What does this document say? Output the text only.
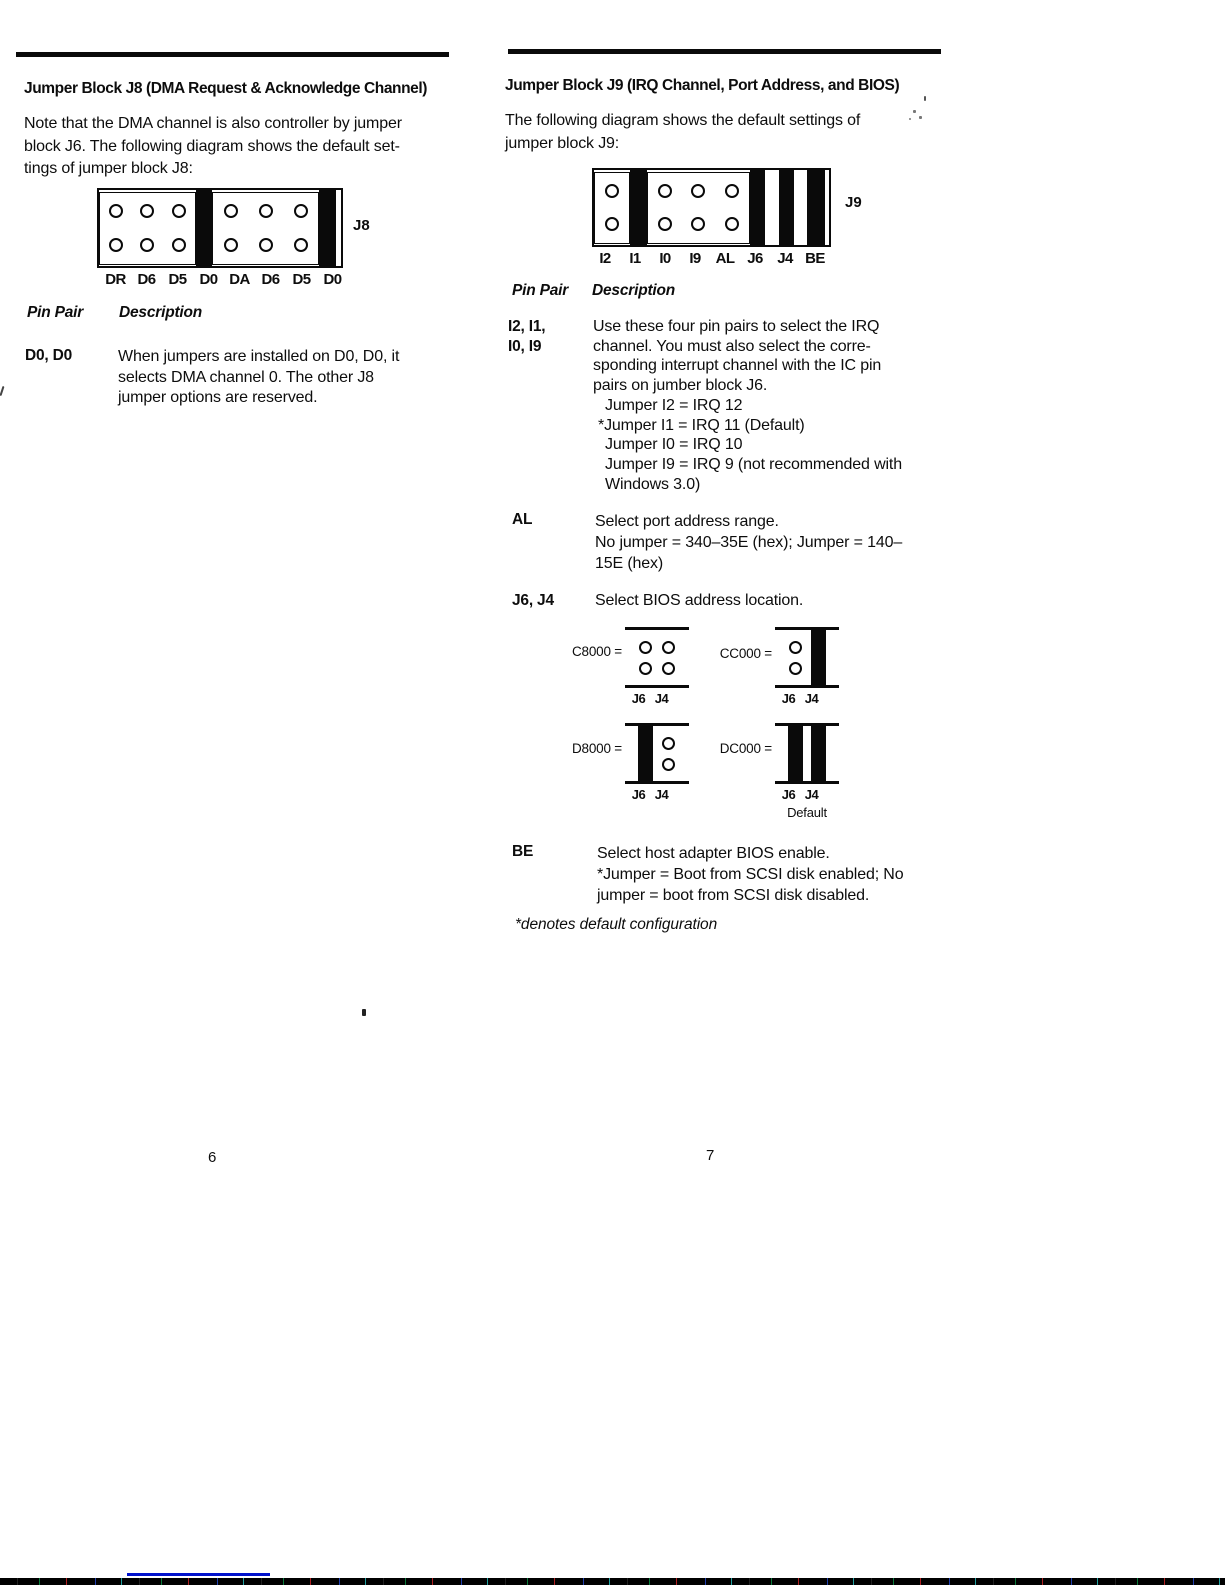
Jumper Block J8 (DMA Request & Acknowledge Channel)
Note that the DMA channel is also controller by jumper
block J6. The following diagram shows the default set-
tings of jumper block J8:
DR D6 D5 D0 DA D6 D5 D0
J8
Pin Pair Description
D0, D0	When jumpers are installed on D0, D0, it
selects DMA channel 0. The other J8
jumper options are reserved.
6
Jumper Block J9 (IRQ Channel, Port Address, and BIOS)
The following diagram shows the default settings of
jumper block J9:
I2	I1	I0	I9 AL J6 J4 BE
J9
Pin Pair Description
I2, I1,
I0, I9
Use these four pin pairs to select the IRQ
channel. You must also select the corre-
sponding interrupt channel with the IC pin
pairs on jumber block J6.
Jumper I2 = IRQ 12
*Jumper I1 = IRQ 11 (Default)
Jumper I0 = IRQ 10
Jumper I9 = IRQ 9 (not recommended with
Windows 3.0)
AL	Select port address range.
No jumper = 340–35E (hex); Jumper = 140–
15E (hex)
J6, J4	Select BIOS address location.
C8000 =
J6 J4
CC000 =
J6 J4
D8000 =
J6 J4
DC000 =
J6 J4
Default
BE	Select host adapter BIOS enable.
*Jumper = Boot from SCSI disk enabled; No
jumper = boot from SCSI disk disabled.
*denotes default configuration
7
